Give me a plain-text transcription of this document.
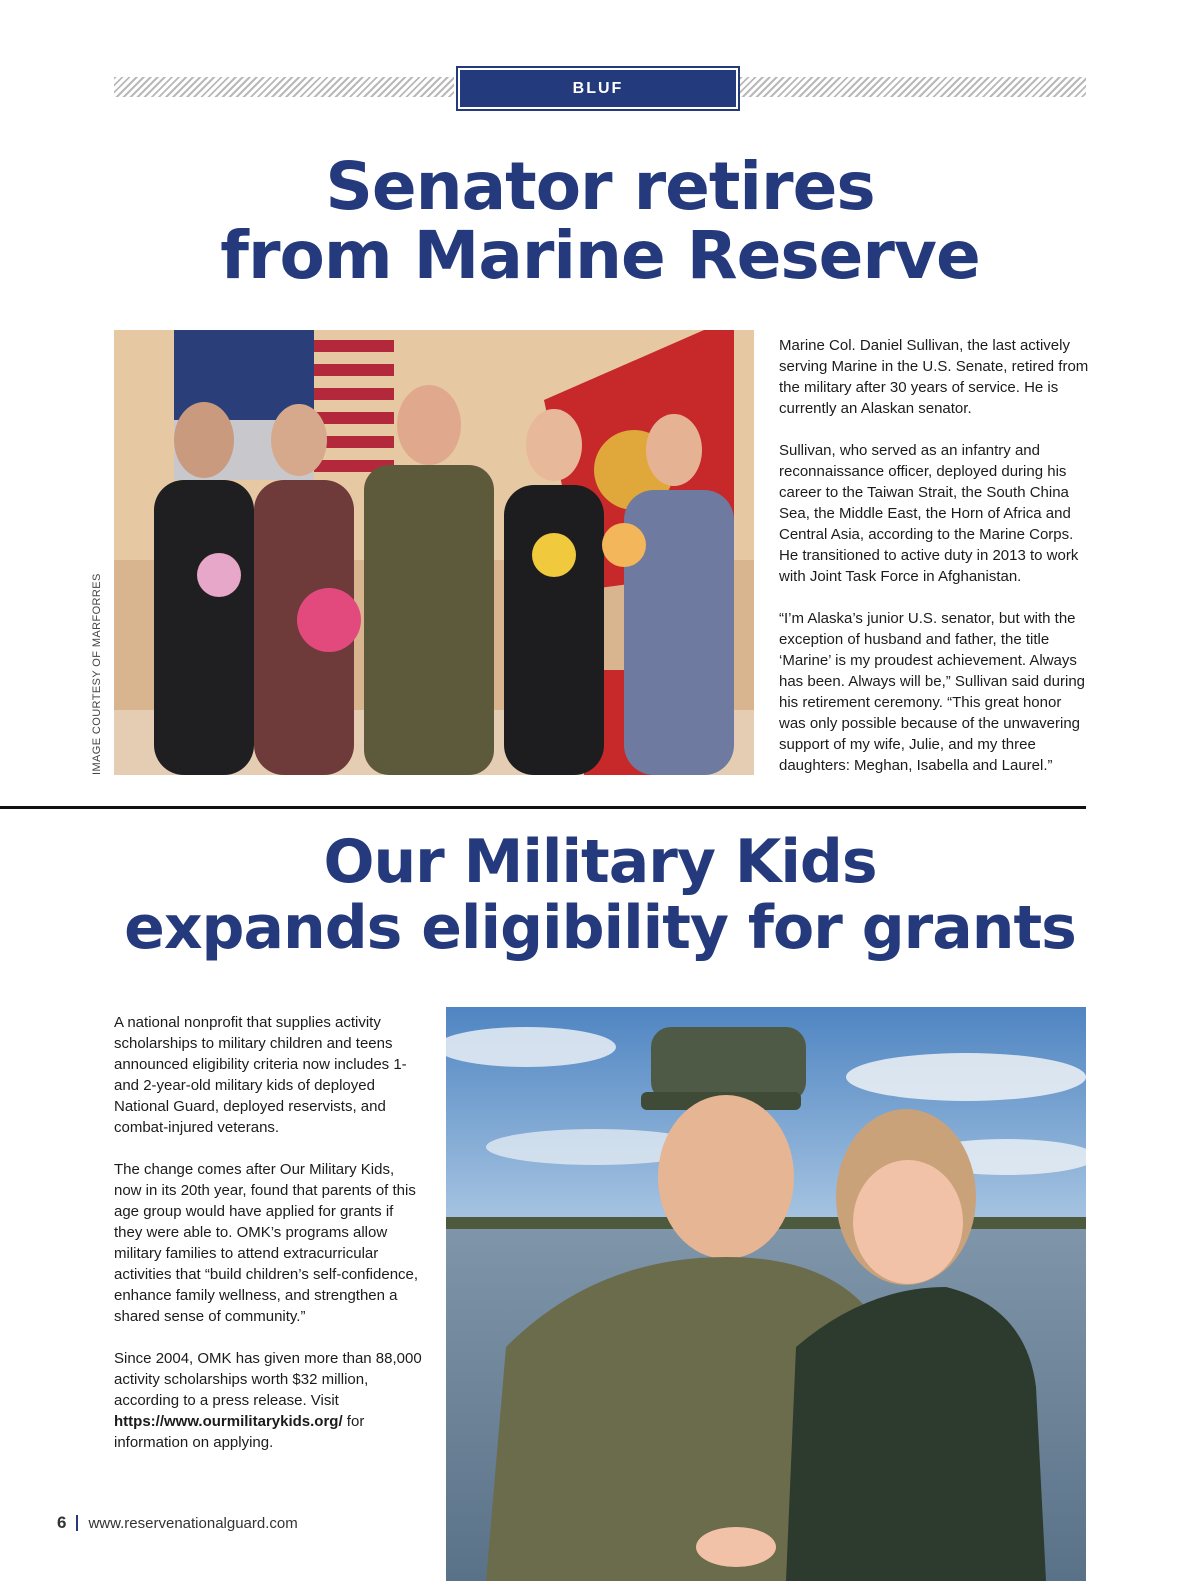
BLUF
Senator retires
from Marine Reserve
IMAGE COURTESY OF MARFORRES

Marine Col. Daniel Sullivan, the last actively serving Marine in the U.S. Senate, retired from the military after 30 years of service. He is currently an Alaskan senator.

Sullivan, who served as an infantry and reconnaissance officer, deployed during his career to the Taiwan Strait, the South China Sea, the Middle East, the Horn of Africa and Central Asia, according to the Marine Corps. He transitioned to active duty in 2013 to work with Joint Task Force in Afghanistan.

“I’m Alaska’s junior U.S. senator, but with the exception of husband and father, the title ‘Marine’ is my proudest achievement. Always has been. Always will be,” Sullivan said during his retirement ceremony. “This great honor was only possible because of the unwavering support of my wife, Julie, and my three daughters: Meghan, Isabella and Laurel.”

Our Military Kids
expands eligibility for grants

A national nonprofit that supplies activity scholarships to military children and teens announced eligibility criteria now includes 1- and 2-year-old military kids of deployed National Guard, deployed reservists, and combat-injured veterans.

The change comes after Our Military Kids, now in its 20th year, found that parents of this age group would have applied for grants if they were able to. OMK’s programs allow military families to attend extracurricular activities that “build children’s self-confidence, enhance family wellness, and strengthen a shared sense of community.”

Since 2004, OMK has given more than 88,000 activity scholarships worth $32 million, according to a press release. Visit https://www.ourmilitarykids.org/ for information on applying.

6 www.reservenationalguard.com
